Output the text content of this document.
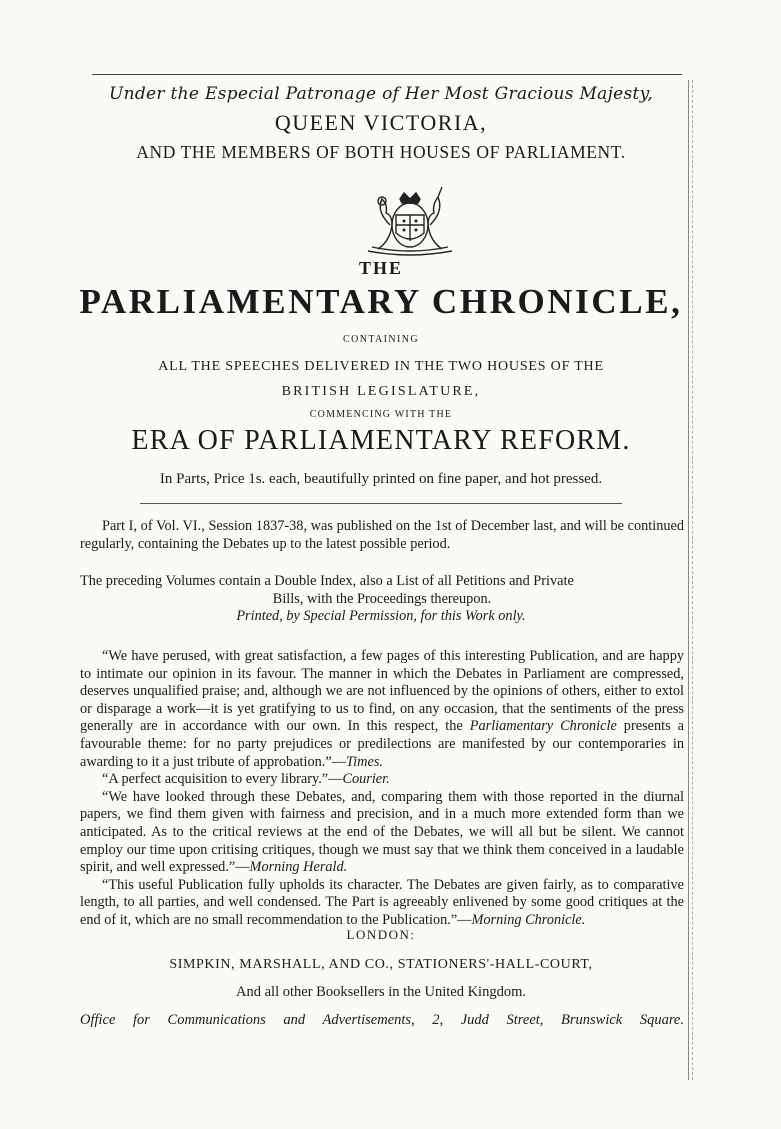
Under the Especial Patronage of Her Most Gracious Majesty,
QUEEN VICTORIA,
AND THE MEMBERS OF BOTH HOUSES OF PARLIAMENT.
THE
PARLIAMENTARY CHRONICLE,
CONTAINING
ALL THE SPEECHES DELIVERED IN THE TWO HOUSES OF THE
BRITISH LEGISLATURE,
COMMENCING WITH THE
ERA OF PARLIAMENTARY REFORM.
In Parts, Price 1s. each, beautifully printed on fine paper, and hot pressed.

Part I, of Vol. VI., Session 1837-38, was published on the 1st of December last, and will be continued regularly, containing the Debates up to the latest possible period.

The preceding Volumes contain a Double Index, also a List of all Petitions and Private

Bills, with the Proceedings thereupon.

Printed, by Special Permission, for this Work only.

“We have perused, with great satisfaction, a few pages of this interesting Publication, and are happy to intimate our opinion in its favour. The manner in which the Debates in Parliament are compressed, deserves unqualified praise; and, although we are not influenced by the opinions of others, either to extol or disparage a work—it is yet gratifying to us to find, on any occasion, that the sentiments of the press generally are in accordance with our own. In this respect, the Parliamentary Chronicle presents a favourable theme: for no party prejudices or predilections are manifested by our contemporaries in awarding to it a just tribute of approbation.”—Times.

“A perfect acquisition to every library.”—Courier.

“We have looked through these Debates, and, comparing them with those reported in the diurnal papers, we find them given with fairness and precision, and in a much more extended form than we anticipated. As to the critical reviews at the end of the Debates, we will all but be silent. We cannot employ our time upon critising critiques, though we must say that we think them conceived in a laudable spirit, and well expressed.”—Morning Herald.

“This useful Publication fully upholds its character. The Debates are given fairly, as to comparative length, to all parties, and well condensed. The Part is agreeably enlivened by some good critiques at the end of it, which are no small recommendation to the Publication.”—Morning Chronicle.

LONDON:
SIMPKIN, MARSHALL, AND CO., STATIONERS'-HALL-COURT,
And all other Booksellers in the United Kingdom.
Office for Communications and Advertisements, 2, Judd Street, Brunswick Square.
